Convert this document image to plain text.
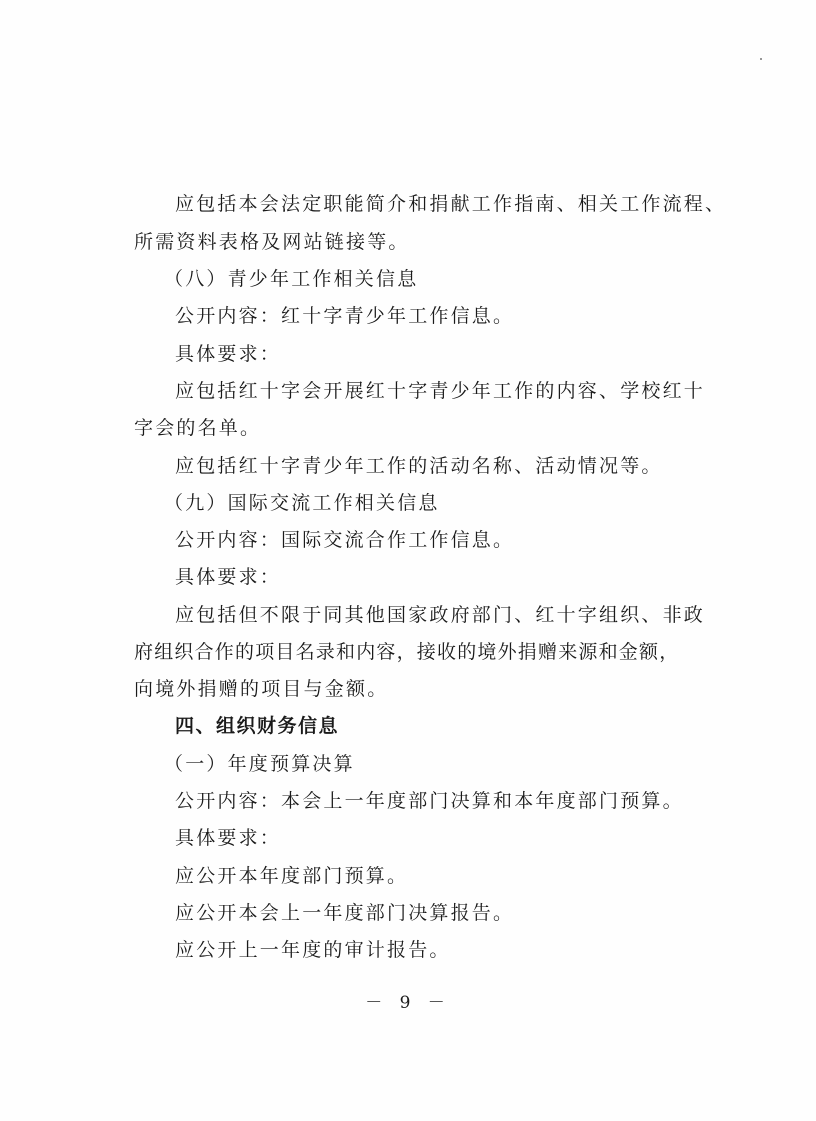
应包括本会法定职能简介和捐献工作指南、相关工作流程、
所需资料表格及网站链接等。
（八）青少年工作相关信息
公开内容：红十字青少年工作信息。
具体要求：
应包括红十字会开展红十字青少年工作的内容、学校红十
字会的名单。
应包括红十字青少年工作的活动名称、活动情况等。
（九）国际交流工作相关信息
公开内容：国际交流合作工作信息。
具体要求：
应包括但不限于同其他国家政府部门、红十字组织、非政
府组织合作的项目名录和内容，接收的境外捐赠来源和金额，
向境外捐赠的项目与金额。
四、组织财务信息
（一）年度预算决算
公开内容：本会上一年度部门决算和本年度部门预算。
具体要求：
应公开本年度部门预算。
应公开本会上一年度部门决算报告。
应公开上一年度的审计报告。
－ 9 －
